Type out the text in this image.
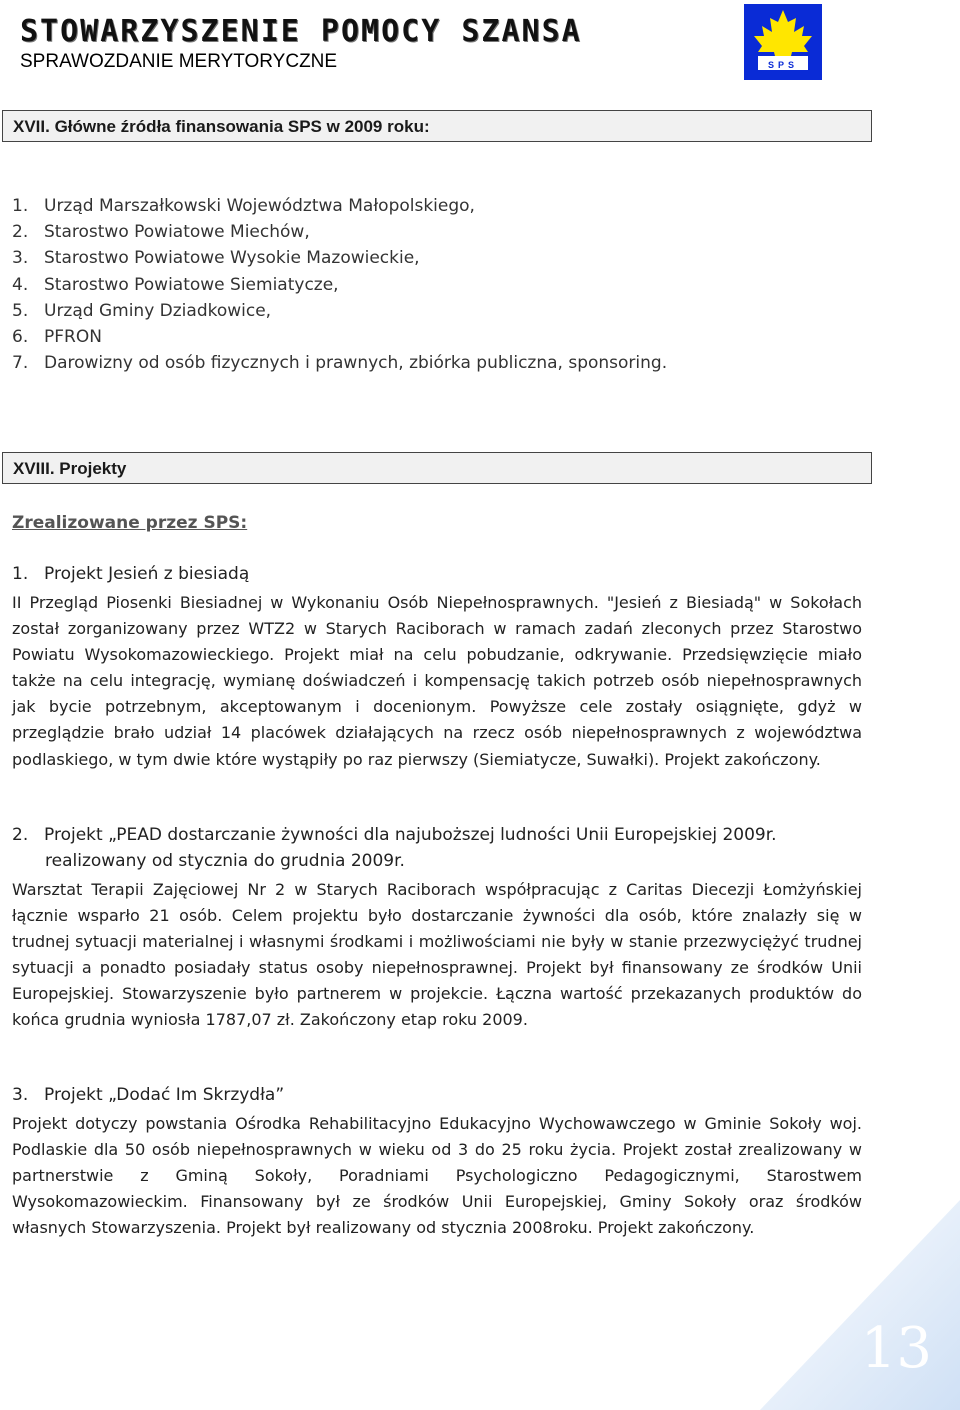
STOWARZYSZENIE POMOCY SZANSA
SPRAWOZDANIE MERYTORYCZNE	SPS
XVII. Główne źródła finansowania SPS w 2009 roku:
1. Urząd Marszałkowski Województwa Małopolskiego,
2. Starostwo Powiatowe Miechów,
3. Starostwo Powiatowe Wysokie Mazowieckie,
4. Starostwo Powiatowe Siemiatycze,
5. Urząd Gminy Dziadkowice,
6. PFRON
7. Darowizny od osób fizycznych i prawnych, zbiórka publiczna, sponsoring.
XVIII. Projekty
Zrealizowane przez SPS:
1. Projekt Jesień z biesiadą
II Przegląd Piosenki Biesiadnej w Wykonaniu Osób Niepełnosprawnych. "Jesień z Biesiadą" w Sokołach został zorganizowany przez WTZ2 w Starych Raciborach w ramach zadań zleconych przez Starostwo Powiatu Wysokomazowieckiego. Projekt miał na celu pobudzanie, odkrywanie. Przedsięwzięcie miało także na celu integrację, wymianę doświadczeń i kompensację takich potrzeb osób niepełnosprawnych jak bycie potrzebnym, akceptowanym i docenionym. Powyższe cele zostały osiągnięte, gdyż w przeglądzie brało udział 14 placówek działających na rzecz osób niepełnosprawnych z województwa podlaskiego, w tym dwie które wystąpiły po raz pierwszy (Siemiatycze, Suwałki). Projekt zakończony.
2. Projekt „PEAD dostarczanie żywności dla najuboższej ludności Unii Europejskiej 2009r.
realizowany od stycznia do grudnia 2009r.
Warsztat Terapii Zajęciowej Nr 2 w Starych Raciborach współpracując z Caritas Diecezji Łomżyńskiej łącznie wsparło 21 osób. Celem projektu było dostarczanie żywności dla osób, które znalazły się w trudnej sytuacji materialnej i własnymi środkami i możliwościami nie były w stanie przezwyciężyć trudnej sytuacji a ponadto posiadały status osoby niepełnosprawnej. Projekt był finansowany ze środków Unii Europejskiej. Stowarzyszenie było partnerem w projekcie. Łączna wartość przekazanych produktów do końca grudnia wyniosła 1787,07 zł. Zakończony etap roku 2009.
3. Projekt „Dodać Im Skrzydła”
Projekt dotyczy powstania Ośrodka Rehabilitacyjno Edukacyjno Wychowawczego w Gminie Sokoły woj. Podlaskie dla 50 osób niepełnosprawnych w wieku od 3 do 25 roku życia. Projekt został zrealizowany w partnerstwie z Gminą Sokoły, Poradniami Psychologiczno Pedagogicznymi, Starostwem Wysokomazowieckim. Finansowany był ze środków Unii Europejskiej, Gminy Sokoły oraz środków własnych Stowarzyszenia. Projekt był realizowany od stycznia 2008roku. Projekt zakończony.
13
